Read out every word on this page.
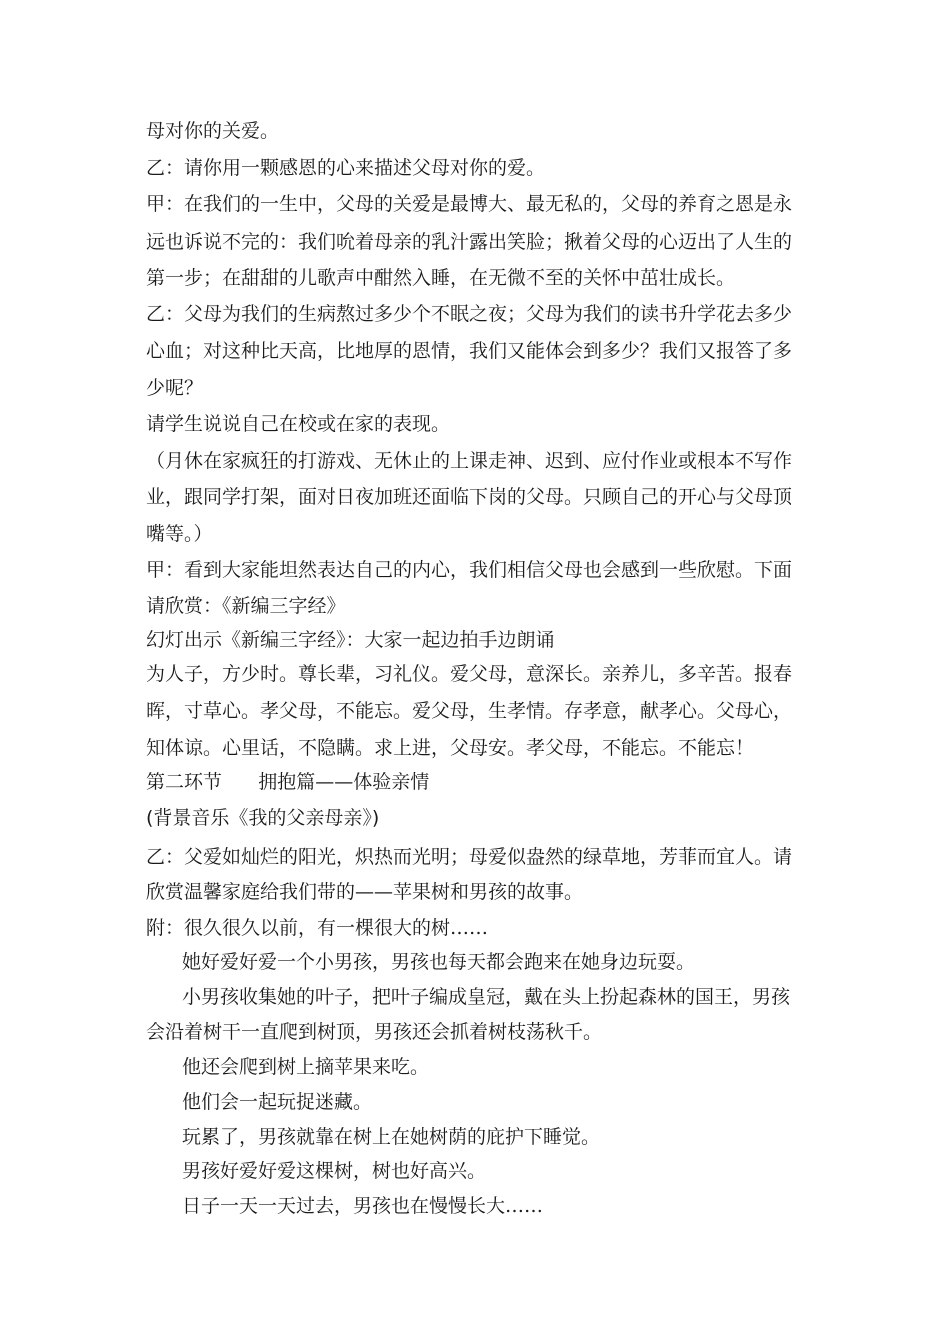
母对你的关爱。
乙：请你用一颗感恩的心来描述父母对你的爱。
甲：在我们的一生中，父母的关爱是最博大、最无私的，父母的养育之恩是永
远也诉说不完的：我们吮着母亲的乳汁露出笑脸；揪着父母的心迈出了人生的
第一步；在甜甜的儿歌声中酣然入睡，在无微不至的关怀中茁壮成长。
乙：父母为我们的生病熬过多少个不眠之夜；父母为我们的读书升学花去多少
心血；对这种比天高，比地厚的恩情，我们又能体会到多少？我们又报答了多
少呢？
请学生说说自己在校或在家的表现。
（月休在家疯狂的打游戏、无休止的上课走神、迟到、应付作业或根本不写作
业，跟同学打架，面对日夜加班还面临下岗的父母。只顾自己的开心与父母顶
嘴等。）
甲：看到大家能坦然表达自己的内心，我们相信父母也会感到一些欣慰。下面
请欣赏：《新编三字经》
幻灯出示《新编三字经》：大家一起边拍手边朗诵
为人子，方少时。尊长辈，习礼仪。爱父母，意深长。亲养儿，多辛苦。报春
晖，寸草心。孝父母，不能忘。爱父母，生孝情。存孝意，献孝心。父母心，
知体谅。心里话，不隐瞒。求上进，父母安。孝父母，不能忘。不能忘！
第二环节      拥抱篇——体验亲情
(背景音乐《我的父亲母亲》)
乙：父爱如灿烂的阳光，炽热而光明；母爱似盎然的绿草地，芳菲而宜人。请
欣赏温馨家庭给我们带的——苹果树和男孩的故事。
附：很久很久以前，有一棵很大的树……
她好爱好爱一个小男孩，男孩也每天都会跑来在她身边玩耍。
小男孩收集她的叶子，把叶子编成皇冠，戴在头上扮起森林的国王，男孩
会沿着树干一直爬到树顶，男孩还会抓着树枝荡秋千。
他还会爬到树上摘苹果来吃。
他们会一起玩捉迷藏。
玩累了，男孩就靠在树上在她树荫的庇护下睡觉。
男孩好爱好爱这棵树，树也好高兴。
日子一天一天过去，男孩也在慢慢长大……
